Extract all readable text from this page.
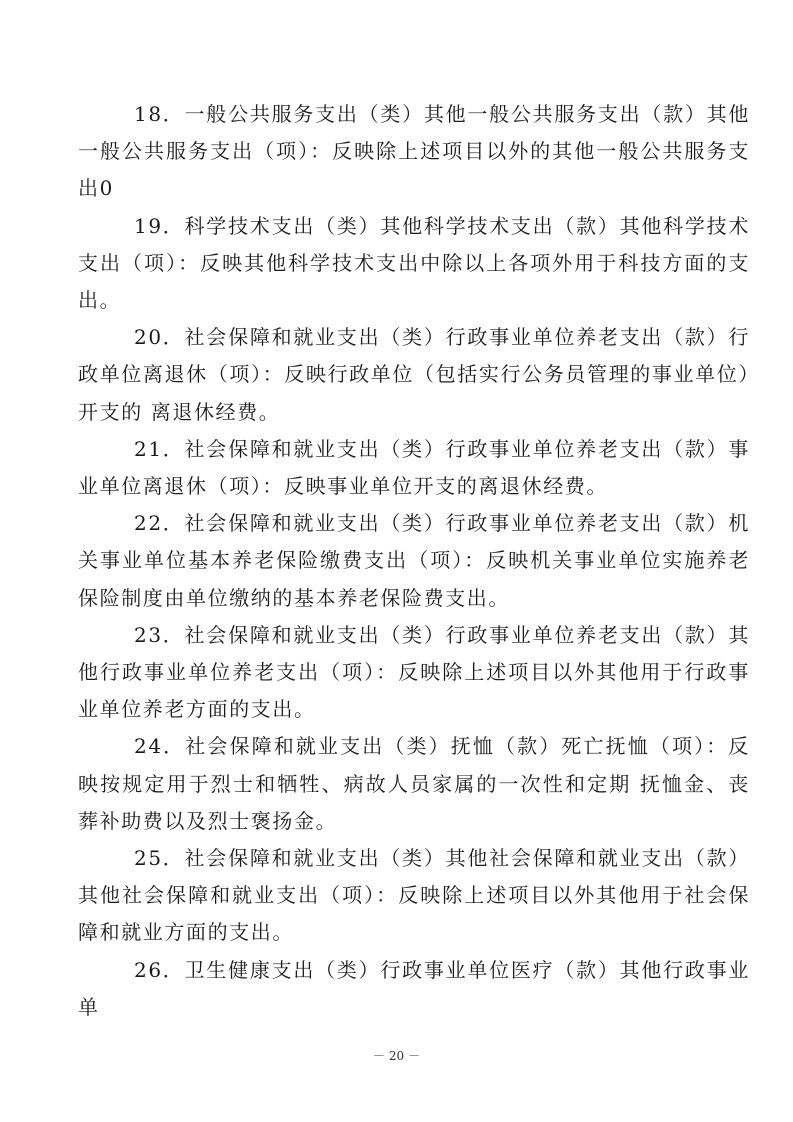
18．一般公共服务支出（类）其他一般公共服务支出（款）其他一般公共服务支出（项）：反映除上述项目以外的其他一般公共服务支出0

19．科学技术支出（类）其他科学技术支出（款）其他科学技术支出（项）：反映其他科学技术支出中除以上各项外用于科技方面的支出。

20．社会保障和就业支出（类）行政事业单位养老支出（款）行政单位离退休（项）：反映行政单位（包括实行公务员管理的事业单位）开支的 离退休经费。

21．社会保障和就业支出（类）行政事业单位养老支出（款）事业单位离退休（项）：反映事业单位开支的离退休经费。

22．社会保障和就业支出（类）行政事业单位养老支出（款）机关事业单位基本养老保险缴费支出（项）：反映机关事业单位实施养老保险制度由单位缴纳的基本养老保险费支出。

23．社会保障和就业支出（类）行政事业单位养老支出（款）其他行政事业单位养老支出（项）：反映除上述项目以外其他用于行政事业单位养老方面的支出。

24．社会保障和就业支出（类）抚恤（款）死亡抚恤（项）：反映按规定用于烈士和牺牲、病故人员家属的一次性和定期 抚恤金、丧葬补助费以及烈士褒扬金。

25．社会保障和就业支出（类）其他社会保障和就业支出（款）其他社会保障和就业支出（项）：反映除上述项目以外其他用于社会保障和就业方面的支出。

26．卫生健康支出（类）行政事业单位医疗（款）其他行政事业单

－ 20 －
